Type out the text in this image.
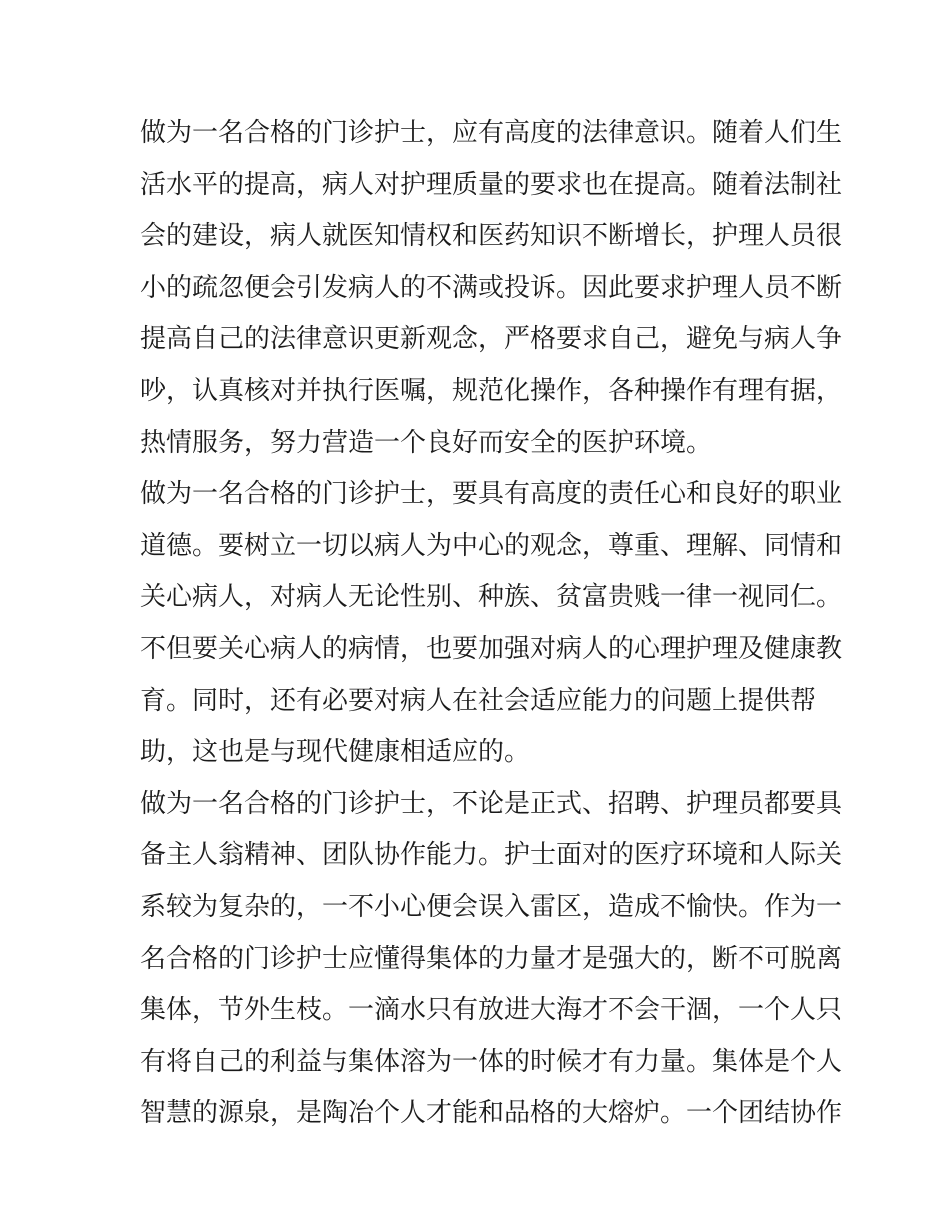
做为一名合格的门诊护士，应有高度的法律意识。随着人们生
活水平的提高，病人对护理质量的要求也在提高。随着法制社
会的建设，病人就医知情权和医药知识不断增长，护理人员很
小的疏忽便会引发病人的不满或投诉。因此要求护理人员不断
提高自己的法律意识更新观念，严格要求自己，避免与病人争
吵，认真核对并执行医嘱，规范化操作，各种操作有理有据，
热情服务，努力营造一个良好而安全的医护环境。
做为一名合格的门诊护士，要具有高度的责任心和良好的职业
道德。要树立一切以病人为中心的观念，尊重、理解、同情和
关心病人，对病人无论性别、种族、贫富贵贱一律一视同仁。
不但要关心病人的病情，也要加强对病人的心理护理及健康教
育。同时，还有必要对病人在社会适应能力的问题上提供帮
助，这也是与现代健康相适应的。
做为一名合格的门诊护士，不论是正式、招聘、护理员都要具
备主人翁精神、团队协作能力。护士面对的医疗环境和人际关
系较为复杂的，一不小心便会误入雷区，造成不愉快。作为一
名合格的门诊护士应懂得集体的力量才是强大的，断不可脱离
集体，节外生枝。一滴水只有放进大海才不会干涸，一个人只
有将自己的利益与集体溶为一体的时候才有力量。集体是个人
智慧的源泉，是陶冶个人才能和品格的大熔炉。一个团结协作
